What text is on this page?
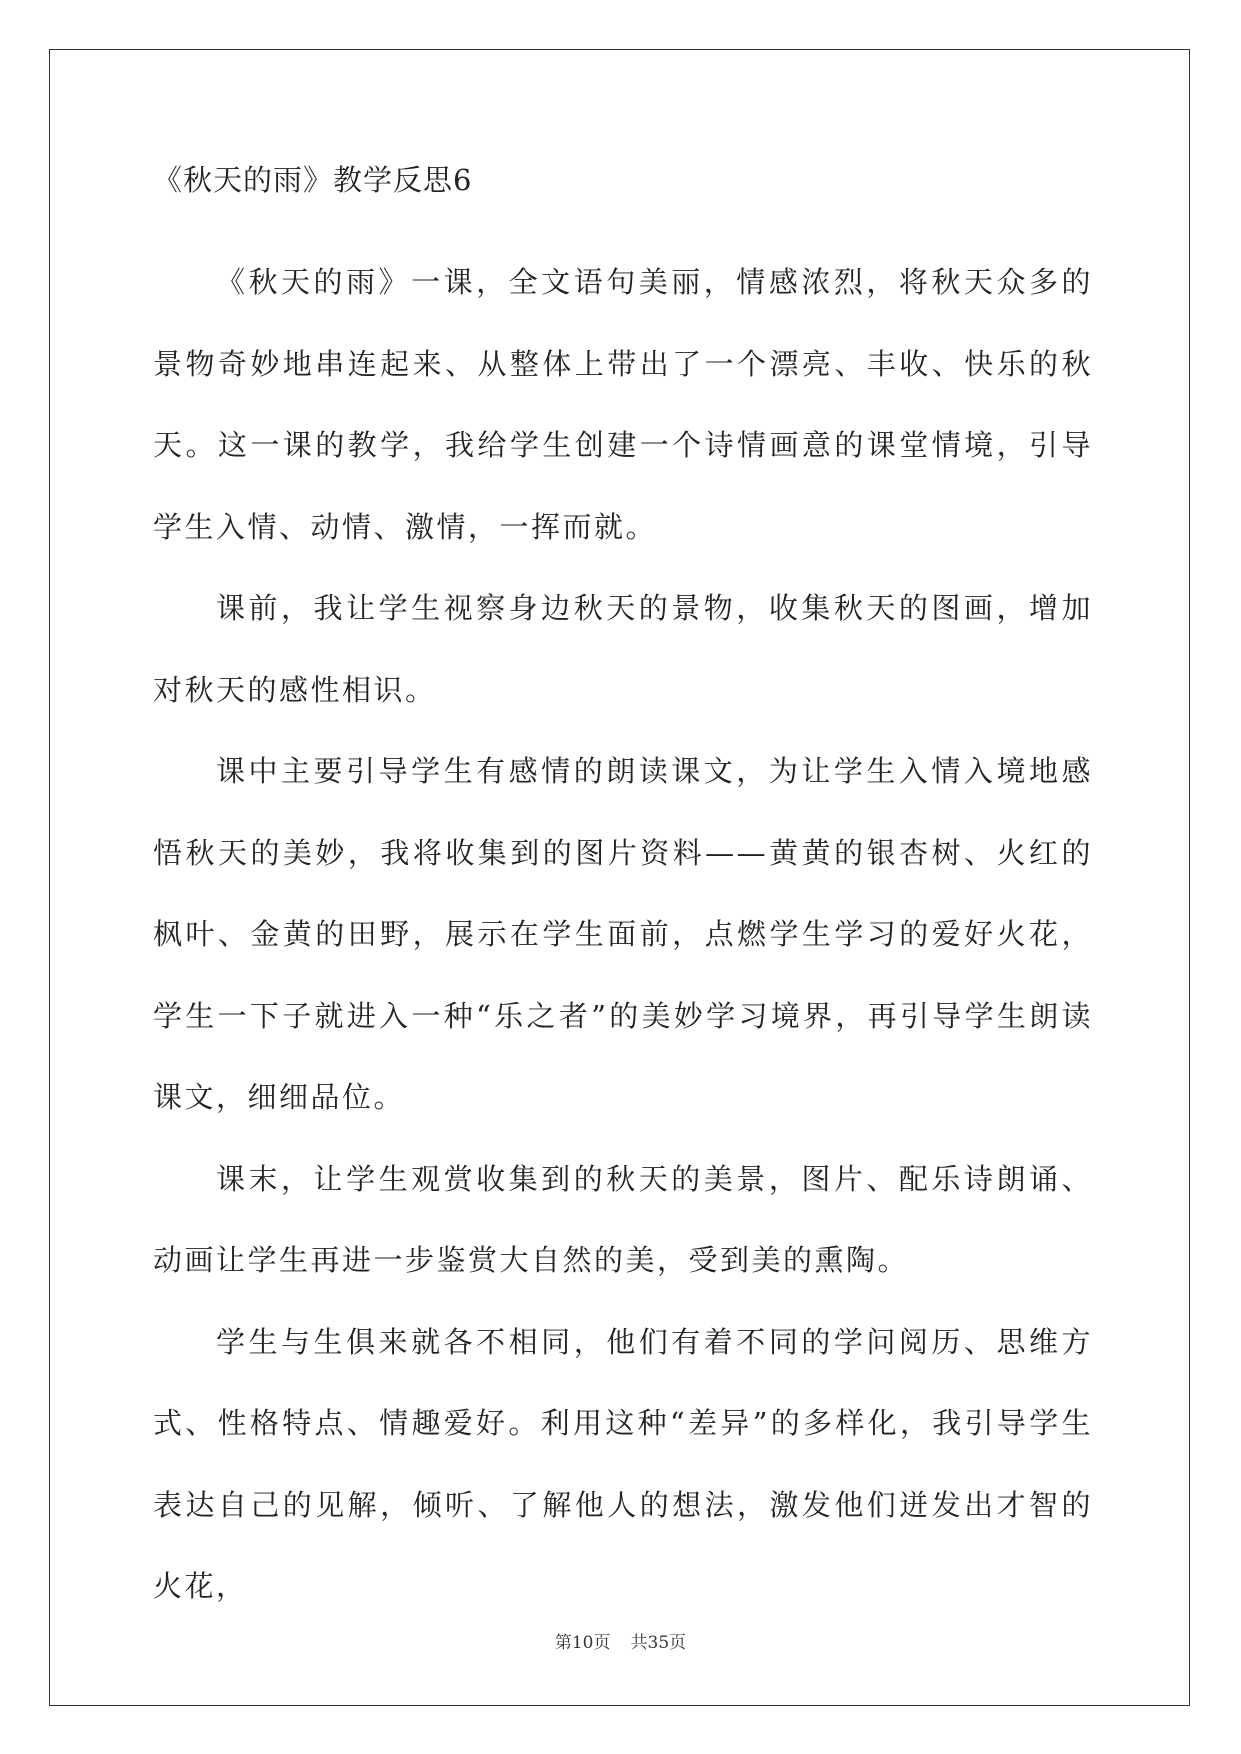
《秋天的雨》教学反思6

《秋天的雨》一课，全文语句美丽，情感浓烈，将秋天众多的景物奇妙地串连起来、从整体上带出了一个漂亮、丰收、快乐的秋天。这一课的教学，我给学生创建一个诗情画意的课堂情境，引导学生入情、动情、激情，一挥而就。

课前，我让学生视察身边秋天的景物，收集秋天的图画，增加对秋天的感性相识。

课中主要引导学生有感情的朗读课文，为让学生入情入境地感悟秋天的美妙，我将收集到的图片资料——黄黄的银杏树、火红的枫叶、金黄的田野，展示在学生面前，点燃学生学习的爱好火花，学生一下子就进入一种“乐之者”的美妙学习境界，再引导学生朗读课文，细细品位。

课末，让学生观赏收集到的秋天的美景，图片、配乐诗朗诵、动画让学生再进一步鉴赏大自然的美，受到美的熏陶。

学生与生俱来就各不相同，他们有着不同的学问阅历、思维方式、性格特点、情趣爱好。利用这种“差异”的多样化，我引导学生表达自己的见解，倾听、了解他人的想法，激发他们迸发出才智的火花，

第10页 共35页
